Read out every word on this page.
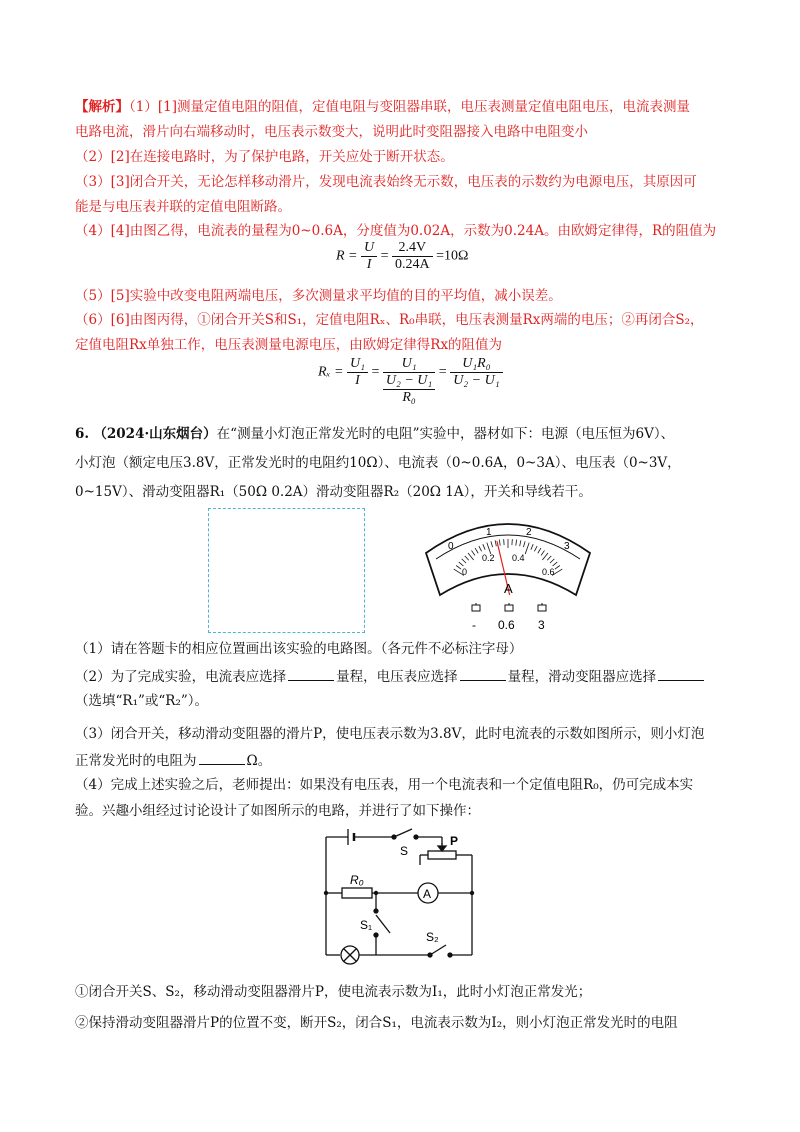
【解析】（1）[1]测量定值电阻的阻值，定值电阻与变阻器串联，电压表测量定值电阻电压，电流表测量
电路电流，滑片向右端移动时，电压表示数变大，说明此时变阻器接入电路中电阻变小
（2）[2]在连接电路时，为了保护电路，开关应处于断开状态。
（3）[3]闭合开关，无论怎样移动滑片，发现电流表始终无示数，电压表的示数约为电源电压，其原因可
能是与电压表并联的定值电阻断路。
（4）[4]由图乙得，电流表的量程为0~0.6A，分度值为0.02A，示数为0.24A。由欧姆定律得，R的阻值为
$R = \frac{U}{I} = \frac{2.4V}{0.24A} =10\Omega$
（5）[5]实验中改变电阻两端电压，多次测量求平均值的目的平均值，减小误差。
（6）[6]由图丙得，①闭合开关S和S₁，定值电阻Rₓ、R₀串联，电压表测量Rx两端的电压；②再闭合S₂，
定值电阻Rx单独工作，电压表测量电源电压，由欧姆定律得Rx的阻值为
$R_x = \frac{\text{U₁}}{I}$ =
U₁
U₂ − U₁
R₀
= $\frac{\text{U₁R₀}}{\text{U₂ − U₁}}$
6. （2024·山东烟台）在“测量小灯泡正常发光时的电阻”实验中，器材如下：电源（电压恒为6V）、
小灯泡（额定电压3.8V，正常发光时的电阻约10Ω）、电流表（0~0.6A，0~3A）、电压表（0~3V，
0~15V）、滑动变阻器R₁（50Ω 0.2A）滑动变阻器R₂（20Ω 1A），开关和导线若干。
0
1	2
3
0
0.2 0.4
0.6
A
- 0.6 3
（1）请在答题卡的相应位置画出该实验的电路图。（各元件不必标注字母）
（2）为了完成实验，电流表应选择	量程，电压表应选择	量程，滑动变阻器应选择
（选填“R₁”或“R₂”）。
（3）闭合开关，移动滑动变阻器的滑片P，使电压表示数为3.8V，此时电流表的示数如图所示，则小灯泡
正常发光时的电阻为	Ω。
（4）完成上述实验之后，老师提出：如果没有电压表，用一个电流表和一个定值电阻R₀，仍可完成本实
验。兴趣小组经过讨论设计了如图所示的电路，并进行了如下操作：
S
P
R₀
A
S₁
S₂
①闭合开关S、S₂，移动滑动变阻器滑片P，使电流表示数为I₁，此时小灯泡正常发光；
②保持滑动变阻器滑片P的位置不变，断开S₂，闭合S₁，电流表示数为I₂，则小灯泡正常发光时的电阻
